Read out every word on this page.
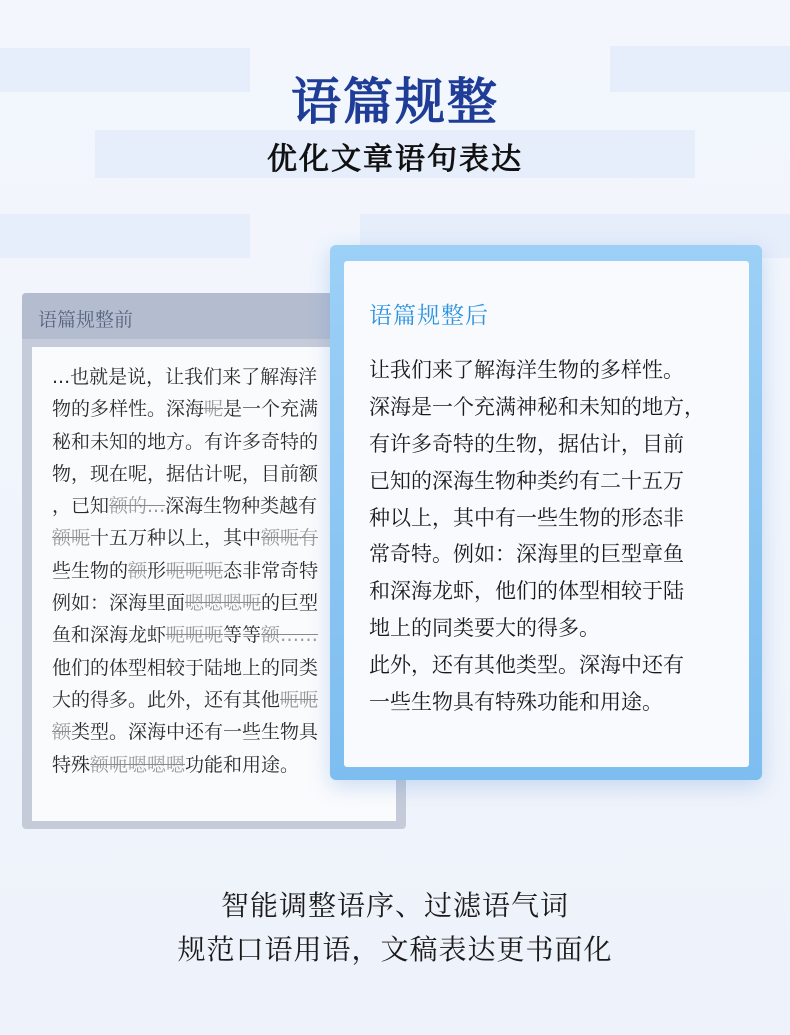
语篇规整
优化文章语句表达
语篇规整前
...也就是说，让我们来了解海洋
物的多样性。深海呢是一个充满
秘和未知的地方。有许多奇特的
物，现在呢，据估计呢，目前额
，已知额的...深海生物种类越有
额呃十五万种以上，其中额呃有
些生物的额形呃呃呃态非常奇特
例如：深海里面嗯嗯嗯呃的巨型
鱼和深海龙虾呃呃呃等等额……
他们的体型相较于陆地上的同类
大的得多。此外，还有其他呃呃
额类型。深海中还有一些生物具
特殊额呃嗯嗯嗯功能和用途。
语篇规整后
让我们来了解海洋生物的多样性。
深海是一个充满神秘和未知的地方，
有许多奇特的生物，据估计，目前
已知的深海生物种类约有二十五万
种以上，其中有一些生物的形态非
常奇特。例如：深海里的巨型章鱼
和深海龙虾，他们的体型相较于陆
地上的同类要大的得多。
此外，还有其他类型。深海中还有
一些生物具有特殊功能和用途。
智能调整语序、过滤语气词
规范口语用语，文稿表达更书面化
